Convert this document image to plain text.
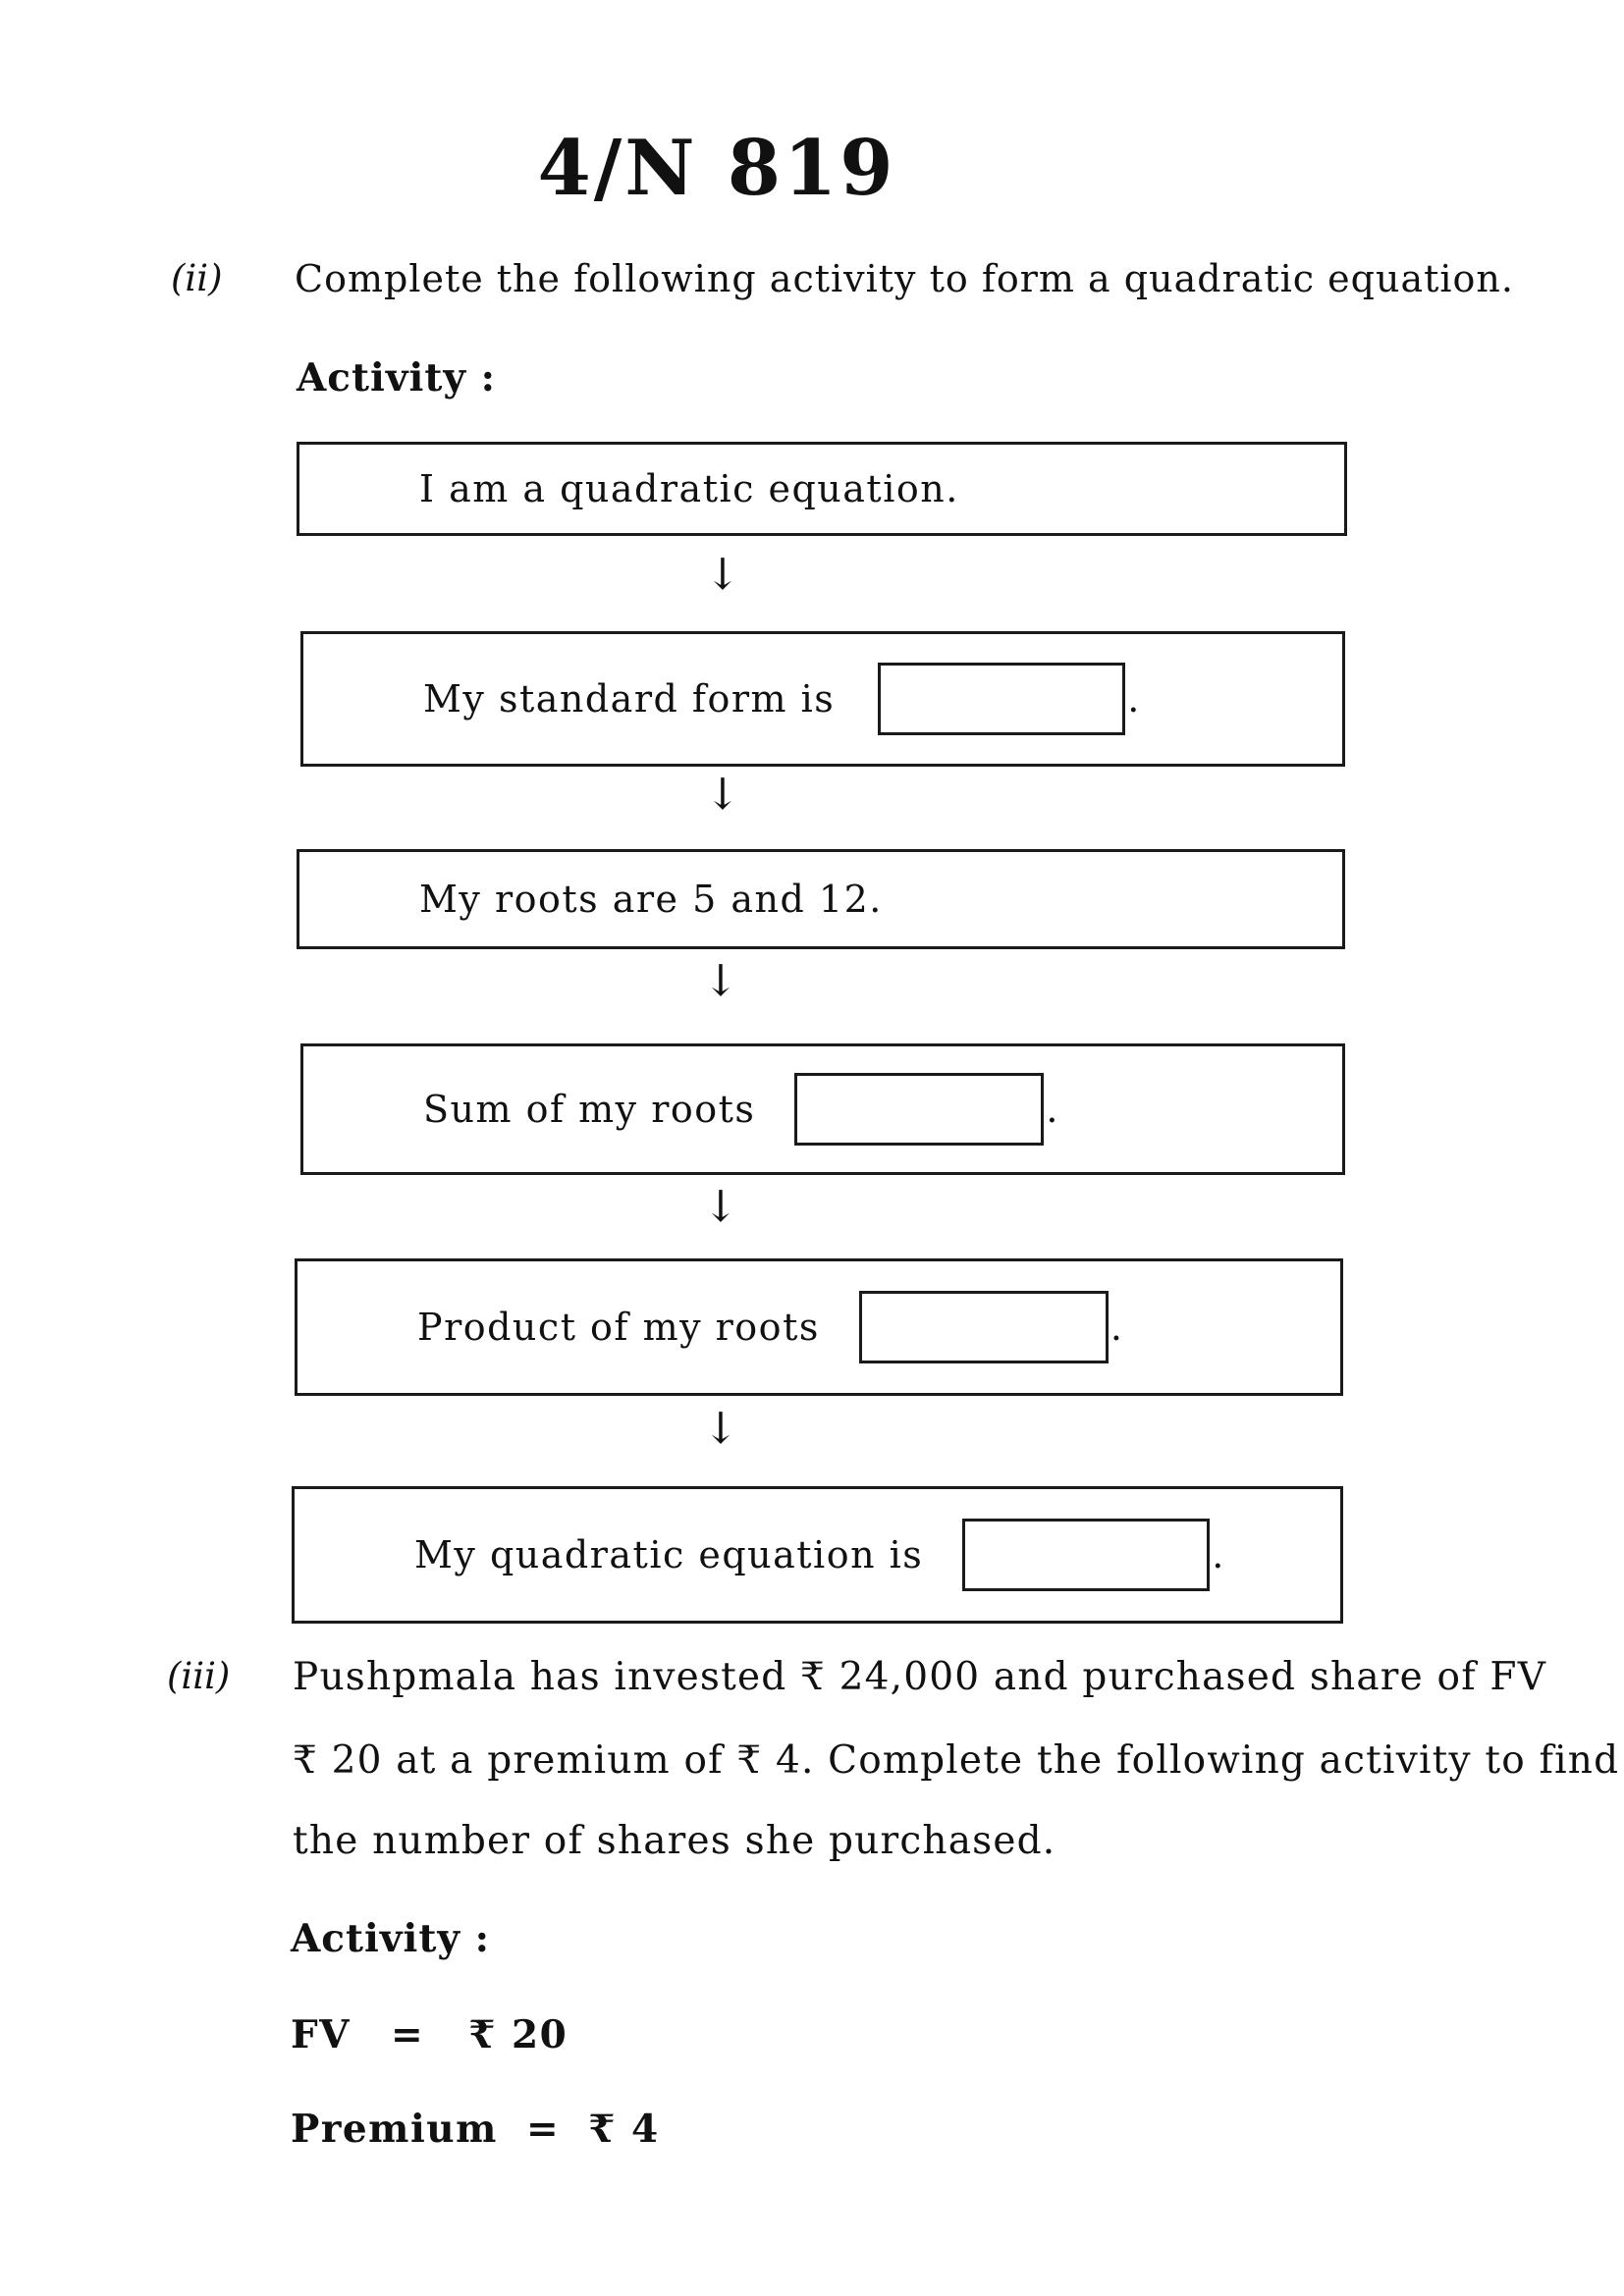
4/N 819
(ii) Complete the following activity to form a quadratic equation.
Activity :
I am a quadratic equation.
↓
My standard form is	.
↓
My roots are 5 and 12.
↓
Sum of my roots	.
↓
Product of my roots	.
↓
My quadratic equation is	.
(iii) Pushpmala has invested ₹ 24,000 and purchased share of FV
₹ 20 at a premium of ₹ 4. Complete the following activity to find
the number of shares she purchased.
Activity :
FV = ₹ 20
Premium = ₹ 4
